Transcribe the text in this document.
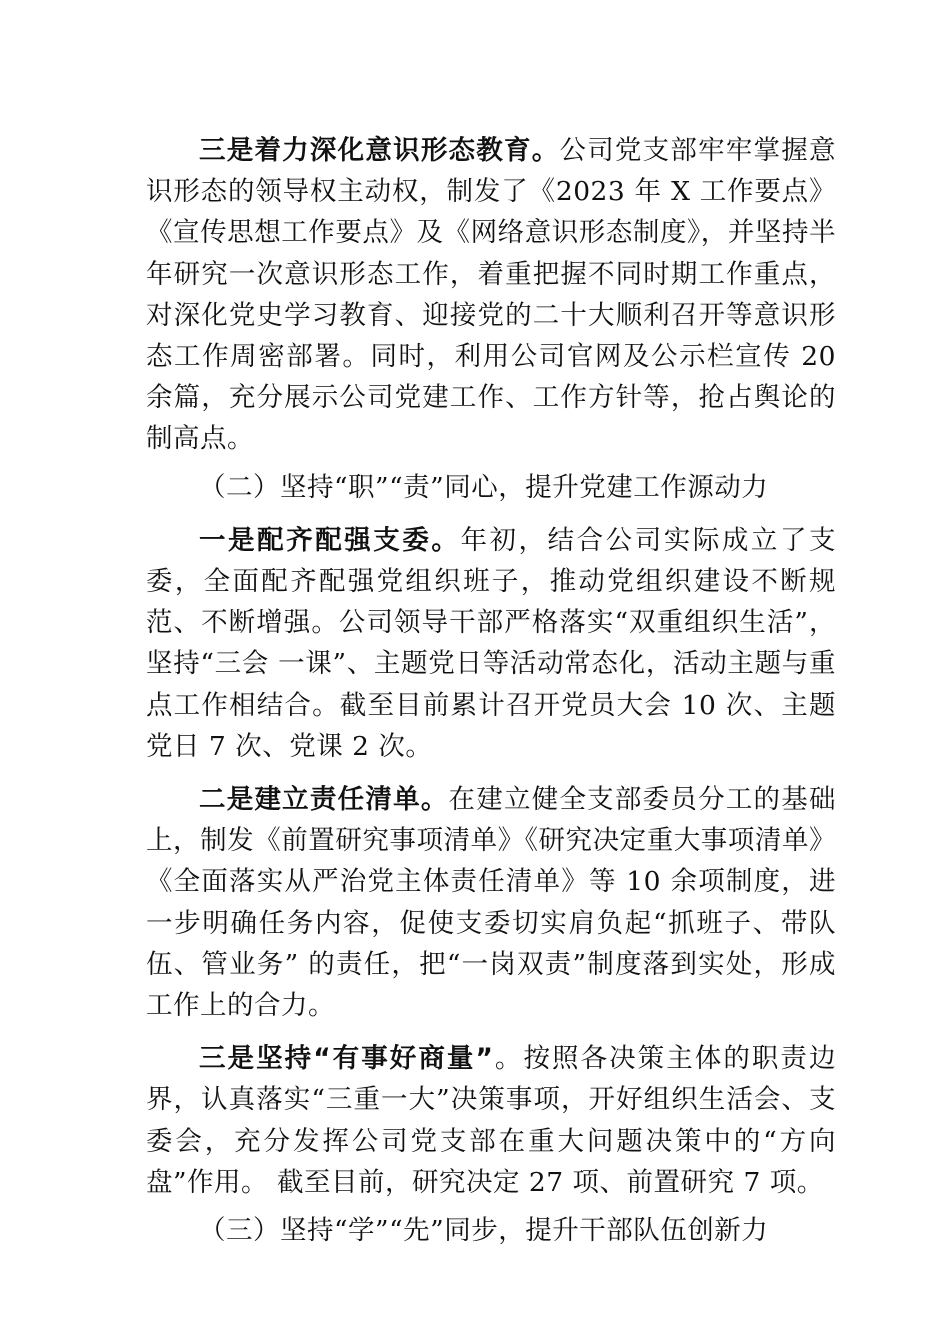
三是着力深化意识形态教育。公司党支部牢牢掌握意识形态的领导权主动权，制发了《2023 年 X 工作要点》《宣传思想工作要点》及《网络意识形态制度》，并坚持半年研究一次意识形态工作，着重把握不同时期工作重点，对深化党史学习教育、迎接党的二十大顺利召开等意识形态工作周密部署。同时，利用公司官网及公示栏宣传 20 余篇，充分展示公司党建工作、工作方针等，抢占舆论的制高点。

（二）坚持“职”“责”同心，提升党建工作源动力

一是配齐配强支委。年初，结合公司实际成立了支委，全面配齐配强党组织班子，推动党组织建设不断规范、不断增强。公司领导干部严格落实“双重组织生活”，坚持“三会 一课”、主题党日等活动常态化，活动主题与重点工作相结合。截至目前累计召开党员大会 10 次、主题党日 7 次、党课 2 次。

二是建立责任清单。在建立健全支部委员分工的基础上，制发《前置研究事项清单》《研究决定重大事项清单》《全面落实从严治党主体责任清单》等 10 余项制度，进一步明确任务内容，促使支委切实肩负起“抓班子、带队伍、管业务” 的责任，把“一岗双责”制度落到实处，形成工作上的合力。

三是坚持“有事好商量”。按照各决策主体的职责边界，认真落实“三重一大”决策事项，开好组织生活会、支委会，充分发挥公司党支部在重大问题决策中的“方向盘”作用。 截至目前，研究决定 27 项、前置研究 7 项。

（三）坚持“学”“先”同步，提升干部队伍创新力
